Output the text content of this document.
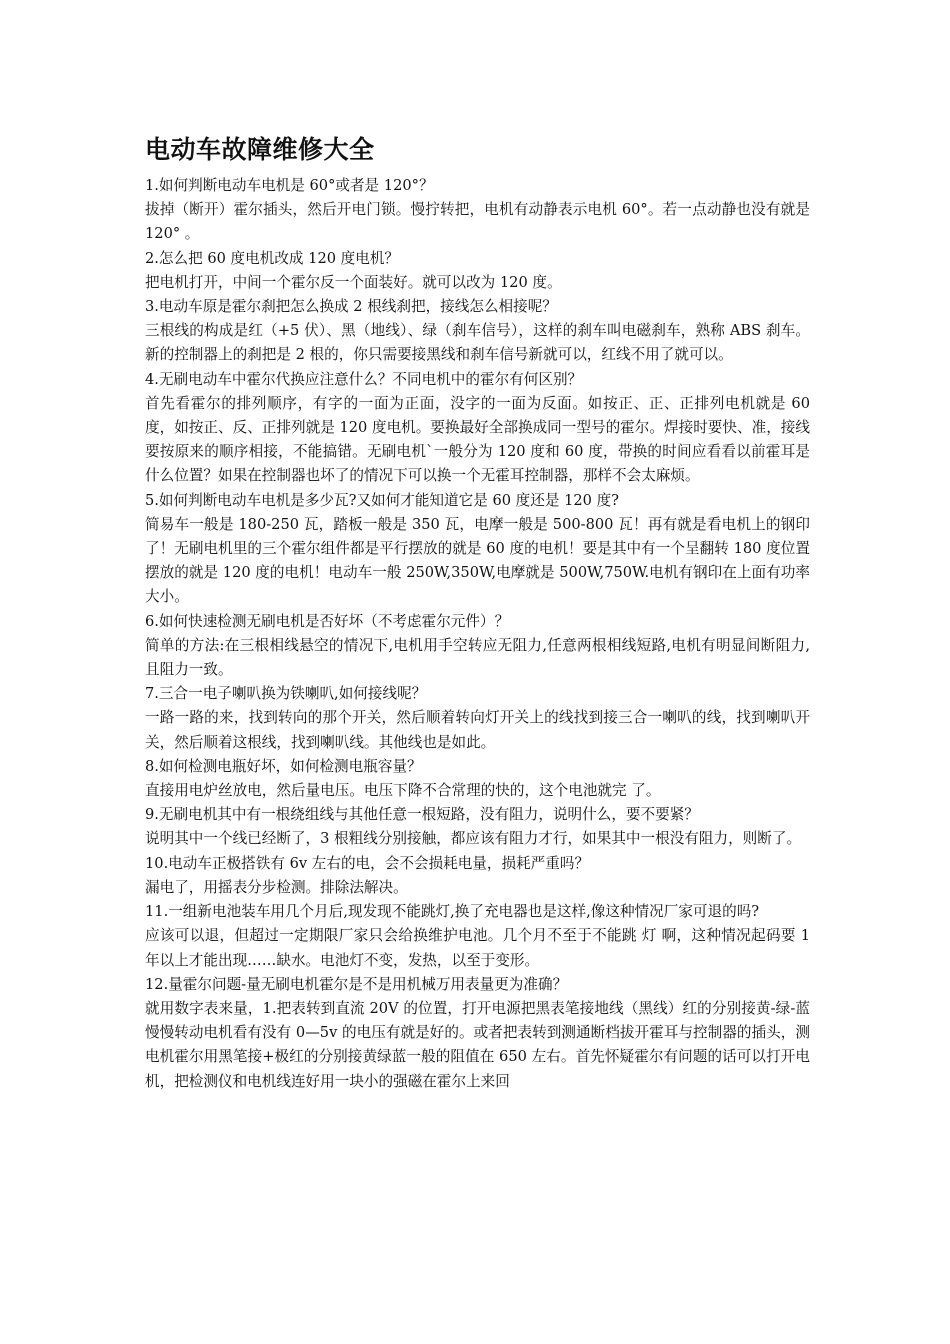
电动车故障维修大全

1.如何判断电动车电机是 60°或者是 120°？

拔掉（断开）霍尔插头，然后开电门锁。慢拧转把，电机有动静表示电机 60°。若一点动静也没有就是 120° 。

2.怎么把 60 度电机改成 120 度电机？

把电机打开，中间一个霍尔反一个面装好。就可以改为 120 度。

3.电动车原是霍尔刹把怎么换成 2 根线刹把，接线怎么相接呢？

三根线的构成是红（+5 伏）、黑（地线）、绿（刹车信号），这样的刹车叫电磁刹车，熟称 ABS 刹车。新的控制器上的刹把是 2 根的，你只需要接黑线和刹车信号新就可以，红线不用了就可以。

4.无刷电动车中霍尔代换应注意什么？不同电机中的霍尔有何区别？

首先看霍尔的排列顺序，有字的一面为正面，没字的一面为反面。如按正、正、正排列电机就是 60 度，如按正、反、正排列就是 120 度电机。要换最好全部换成同一型号的霍尔。焊接时要快、准，接线要按原来的顺序相接，不能搞错。无刷电机`一般分为 120 度和 60 度，带换的时间应看看以前霍耳是什么位置？如果在控制器也坏了的情况下可以换一个无霍耳控制器，那样不会太麻烦。

5.如何判断电动车电机是多少瓦?又如何才能知道它是 60 度还是 120 度?

简易车一般是 180-250 瓦，踏板一般是 350 瓦，电摩一般是 500-800 瓦！再有就是看电机上的钢印了！无刷电机里的三个霍尔组件都是平行摆放的就是 60 度的电机！要是其中有一个呈翻转 180 度位置摆放的就是 120 度的电机！电动车一般 250W,350W,电摩就是 500W,750W.电机有钢印在上面有功率大小。

6.如何快速检测无刷电机是否好坏（不考虑霍尔元件）？

简单的方法:在三根相线悬空的情况下,电机用手空转应无阻力,任意两根相线短路,电机有明显间断阻力,且阻力一致。

7.三合一电子喇叭换为铁喇叭,如何接线呢？

一路一路的来，找到转向的那个开关，然后顺着转向灯开关上的线找到接三合一喇叭的线，找到喇叭开关，然后顺着这根线，找到喇叭线。其他线也是如此。

8.如何检测电瓶好坏，如何检测电瓶容量？

直接用电炉丝放电，然后量电压。电压下降不合常理的快的，这个电池就完 了。

9.无刷电机其中有一根绕组线与其他任意一根短路，没有阻力，说明什么，要不要紧？

说明其中一个线已经断了，3 根粗线分别接触，都应该有阻力才行，如果其中一根没有阻力，则断了。

10.电动车正极搭铁有 6v 左右的电，会不会损耗电量，损耗严重吗？

漏电了，用摇表分步检测。排除法解决。

11.一组新电池装车用几个月后,现发现不能跳灯,换了充电器也是这样,像这种情况厂家可退的吗?

应该可以退，但超过一定期限厂家只会给换维护电池。几个月不至于不能跳 灯 啊，这种情况起码要 1 年以上才能出现……缺水。电池灯不变，发热，以至于变形。

12.量霍尔问题-量无刷电机霍尔是不是用机械万用表量更为准确？

就用数字表来量，1.把表转到直流 20V 的位置，打开电源把黑表笔接地线（黑线）红的分别接黄-绿-蓝慢慢转动电机看有没有 0—5v 的电压有就是好的。或者把表转到测通断档拔开霍耳与控制器的插头，测电机霍尔用黑笔接+极红的分别接黄绿蓝一般的阻值在 650 左右。首先怀疑霍尔有问题的话可以打开电机，把检测仪和电机线连好用一块小的强磁在霍尔上来回
